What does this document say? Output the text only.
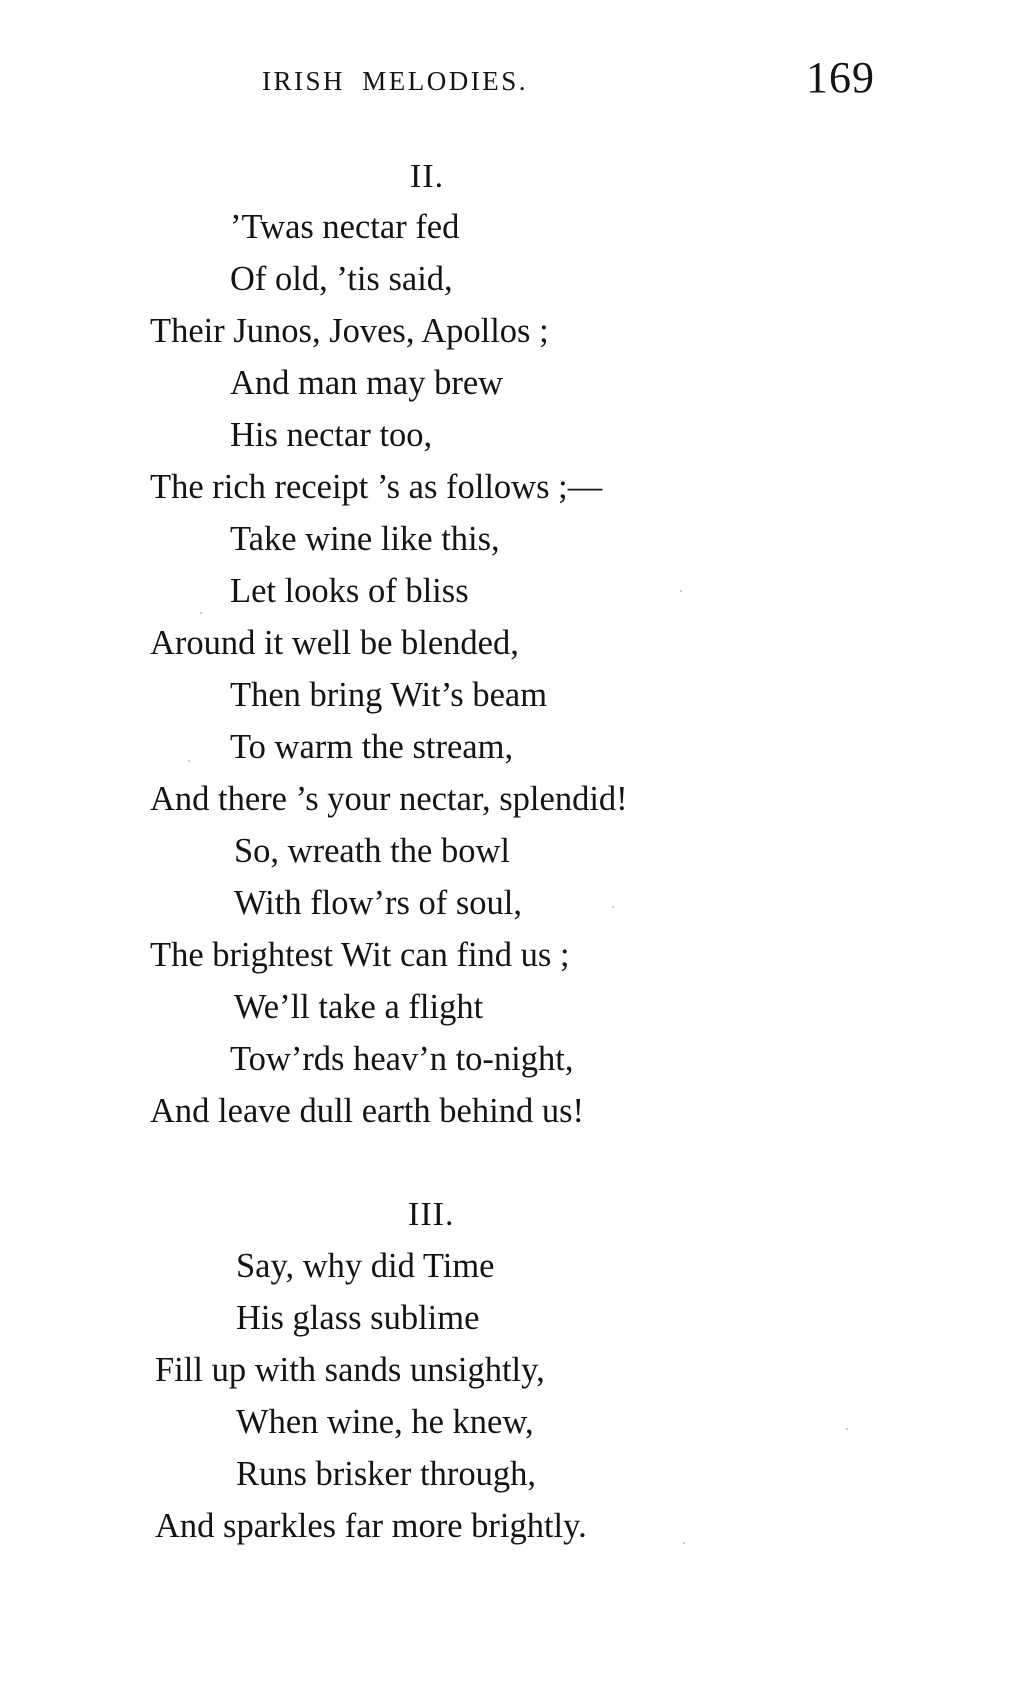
IRISH MELODIES.	169
II.
’Twas nectar fed
Of old, ’tis said,
Their Junos, Joves, Apollos ;
And man may brew
His nectar too,
The rich receipt ’s as follows ;—
Take wine like this,
Let looks of bliss
Around it well be blended,
Then bring Wit’s beam
To warm the stream,
And there ’s your nectar, splendid!
So, wreath the bowl
With flow’rs of soul,
The brightest Wit can find us ;
We’ll take a flight
Tow’rds heav’n to-night,
And leave dull earth behind us!
III.
Say, why did Time
His glass sublime
Fill up with sands unsightly,
When wine, he knew,
Runs brisker through,
And sparkles far more brightly.
